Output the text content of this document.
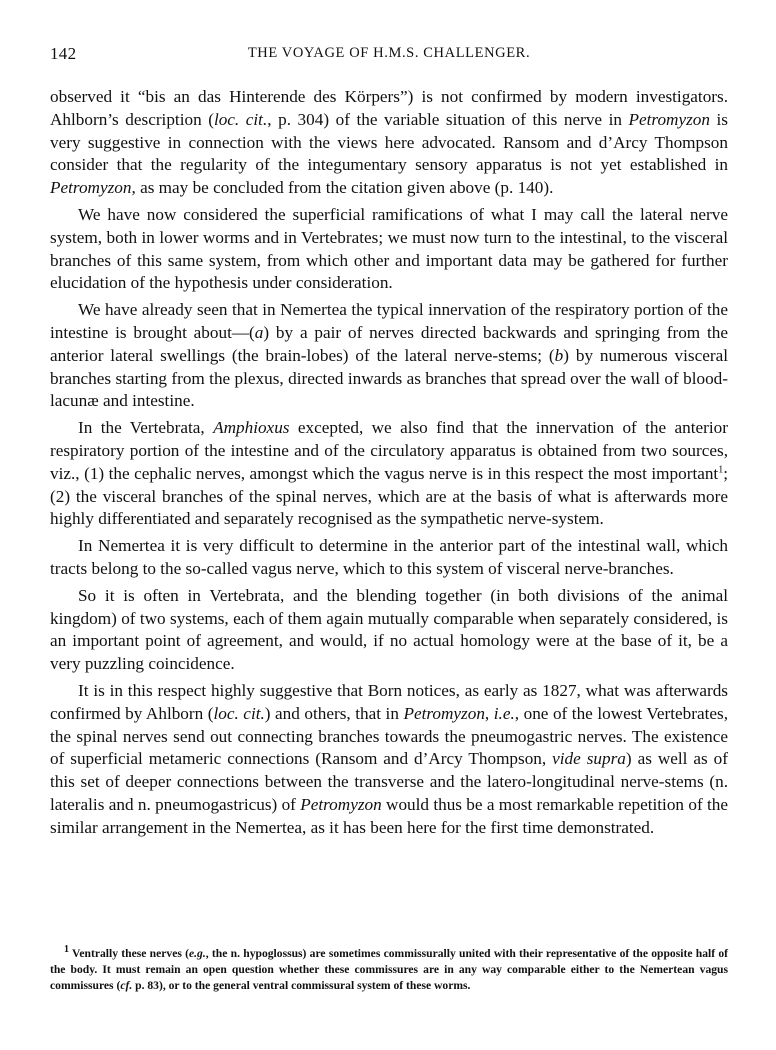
142	THE VOYAGE OF H.M.S. CHALLENGER.

observed it “bis an das Hinterende des Körpers”) is not confirmed by modern investigators. Ahlborn’s description (loc. cit., p. 304) of the variable situation of this nerve in Petromyzon is very suggestive in connection with the views here advocated. Ransom and d’Arcy Thompson consider that the regularity of the integumentary sensory apparatus is not yet established in Petromyzon, as may be concluded from the citation given above (p. 140).

We have now considered the superficial ramifications of what I may call the lateral nerve system, both in lower worms and in Vertebrates; we must now turn to the intestinal, to the visceral branches of this same system, from which other and important data may be gathered for further elucidation of the hypothesis under consideration.

We have already seen that in Nemertea the typical innervation of the respiratory portion of the intestine is brought about—(a) by a pair of nerves directed backwards and springing from the anterior lateral swellings (the brain-lobes) of the lateral nerve-stems; (b) by numerous visceral branches starting from the plexus, directed inwards as branches that spread over the wall of blood-lacunæ and intestine.

In the Vertebrata, Amphioxus excepted, we also find that the innervation of the anterior respiratory portion of the intestine and of the circulatory apparatus is obtained from two sources, viz., (1) the cephalic nerves, amongst which the vagus nerve is in this respect the most important$^1$; (2) the visceral branches of the spinal nerves, which are at the basis of what is afterwards more highly differentiated and separately recognised as the sympathetic nerve-system.

In Nemertea it is very difficult to determine in the anterior part of the intestinal wall, which tracts belong to the so-called vagus nerve, which to this system of visceral nerve-branches.

So it is often in Vertebrata, and the blending together (in both divisions of the animal kingdom) of two systems, each of them again mutually comparable when separately considered, is an important point of agreement, and would, if no actual homology were at the base of it, be a very puzzling coincidence.

It is in this respect highly suggestive that Born notices, as early as 1827, what was afterwards confirmed by Ahlborn (loc. cit.) and others, that in Petromyzon, i.e., one of the lowest Vertebrates, the spinal nerves send out connecting branches towards the pneumogastric nerves. The existence of superficial metameric connections (Ransom and d’Arcy Thompson, vide supra) as well as of this set of deeper connections between the transverse and the latero-longitudinal nerve-stems (n. lateralis and n. pneumogastricus) of Petromyzon would thus be a most remarkable repetition of the similar arrangement in the Nemertea, as it has been here for the first time demonstrated.

$^1$ Ventrally these nerves (e.g., the n. hypoglossus) are sometimes commissurally united with their representative of the opposite half of the body. It must remain an open question whether these commissures are in any way comparable either to the Nemertean vagus commissures (cf. p. 83), or to the general ventral commissural system of these worms.
